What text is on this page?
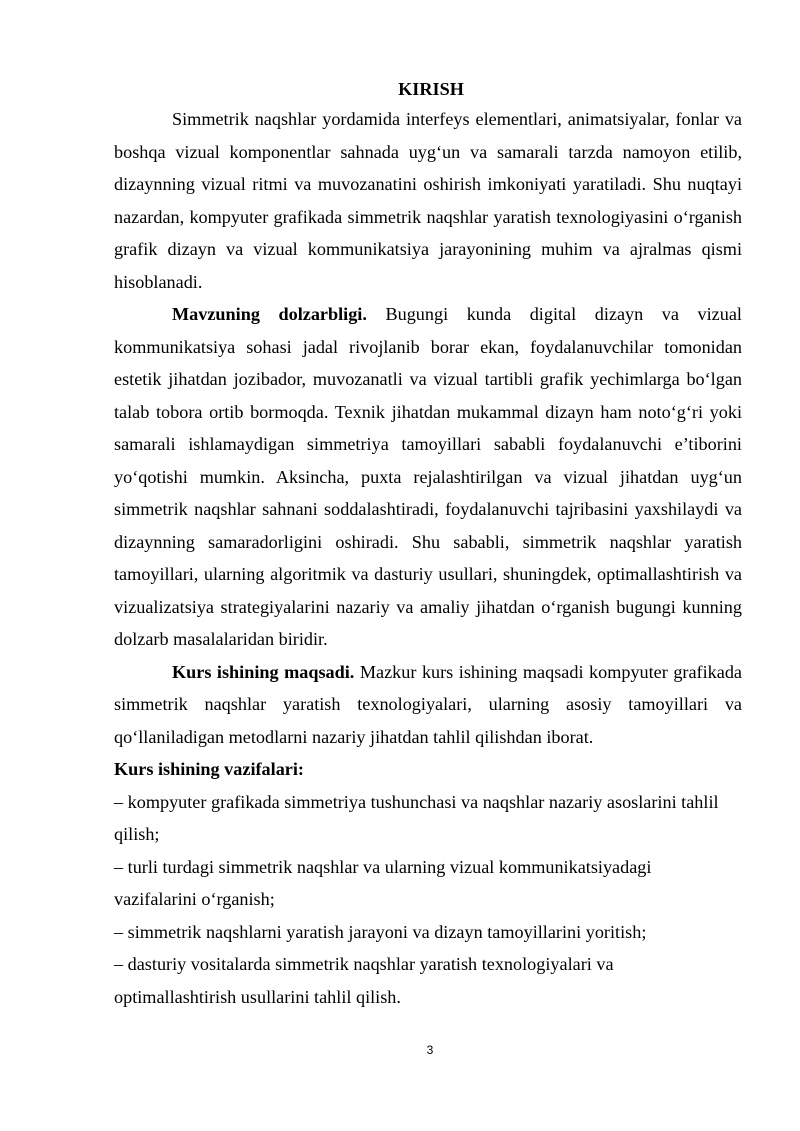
KIRISH

Simmetrik naqshlar yordamida interfeys elementlari, animatsiyalar, fonlar va boshqa vizual komponentlar sahnada uyg‘un va samarali tarzda namoyon etilib, dizaynning vizual ritmi va muvozanatini oshirish imkoniyati yaratiladi. Shu nuqtayi nazardan, kompyuter grafikada simmetrik naqshlar yaratish texnologiyasini o‘rganish grafik dizayn va vizual kommunikatsiya jarayonining muhim va ajralmas qismi hisoblanadi.

Mavzuning dolzarbligi. Bugungi kunda digital dizayn va vizual kommunikatsiya sohasi jadal rivojlanib borar ekan, foydalanuvchilar tomonidan estetik jihatdan jozibador, muvozanatli va vizual tartibli grafik yechimlarga bo‘lgan talab tobora ortib bormoqda. Texnik jihatdan mukammal dizayn ham noto‘g‘ri yoki samarali ishlamaydigan simmetriya tamoyillari sababli foydalanuvchi e’tiborini yo‘qotishi mumkin. Aksincha, puxta rejalashtirilgan va vizual jihatdan uyg‘un simmetrik naqshlar sahnani soddalashtiradi, foydalanuvchi tajribasini yaxshilaydi va dizaynning samaradorligini oshiradi. Shu sababli, simmetrik naqshlar yaratish tamoyillari, ularning algoritmik va dasturiy usullari, shuningdek, optimallashtirish va vizualizatsiya strategiyalarini nazariy va amaliy jihatdan o‘rganish bugungi kunning dolzarb masalalaridan biridir.

Kurs ishining maqsadi. Mazkur kurs ishining maqsadi kompyuter grafikada simmetrik naqshlar yaratish texnologiyalari, ularning asosiy tamoyillari va qo‘llaniladigan metodlarni nazariy jihatdan tahlil qilishdan iborat.

Kurs ishining vazifalari:

– kompyuter grafikada simmetriya tushunchasi va naqshlar nazariy asoslarini tahlil qilish;

– turli turdagi simmetrik naqshlar va ularning vizual kommunikatsiyadagi vazifalarini o‘rganish;

– simmetrik naqshlarni yaratish jarayoni va dizayn tamoyillarini yoritish;

– dasturiy vositalarda simmetrik naqshlar yaratish texnologiyalari va optimallashtirish usullarini tahlil qilish.

3
